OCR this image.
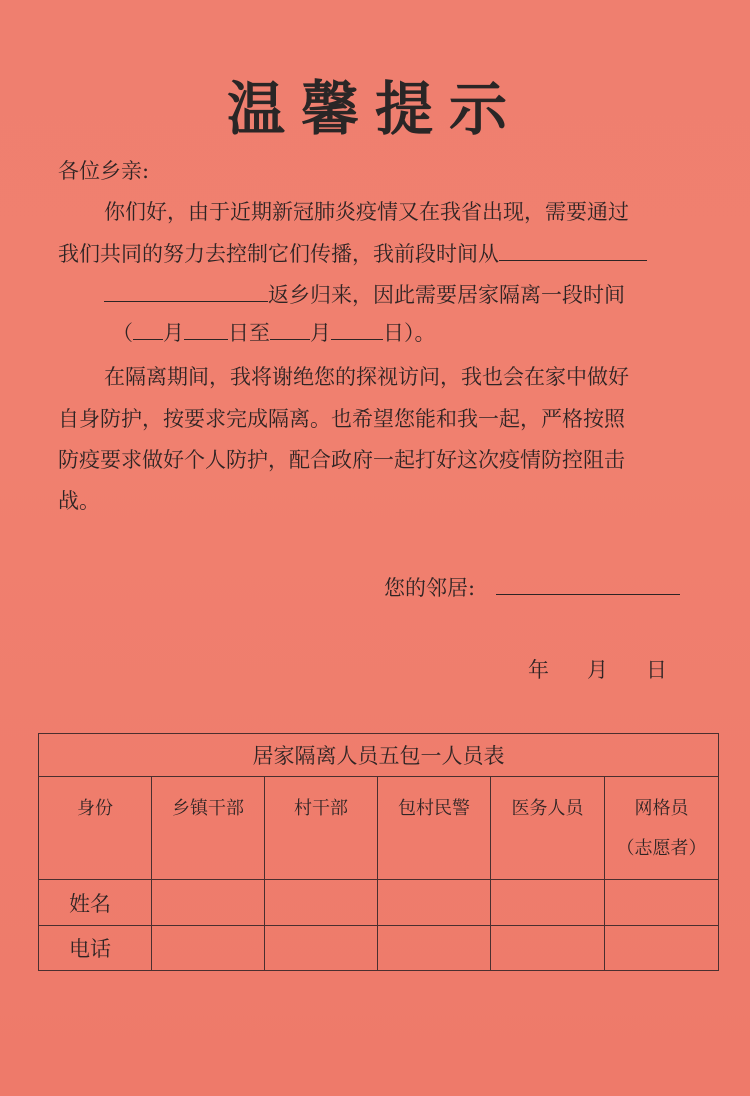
温馨提示
各位乡亲:
你们好，由于近期新冠肺炎疫情又在我省出现，需要通过
我们共同的努力去控制它们传播，我前段时间从
返乡归来，因此需要居家隔离一段时间
（ 月 日至 月 日）。
在隔离期间，我将谢绝您的探视访问，我也会在家中做好
自身防护，按要求完成隔离。也希望您能和我一起，严格按照
防疫要求做好个人防护，配合政府一起打好这次疫情防控阻击
战。
您的邻居:
年 月 日
居家隔离人员五包一人员表					
身份	乡镇干部	村干部	包村民警	医务人员	网格员
（志愿者）

姓名					
电话					
